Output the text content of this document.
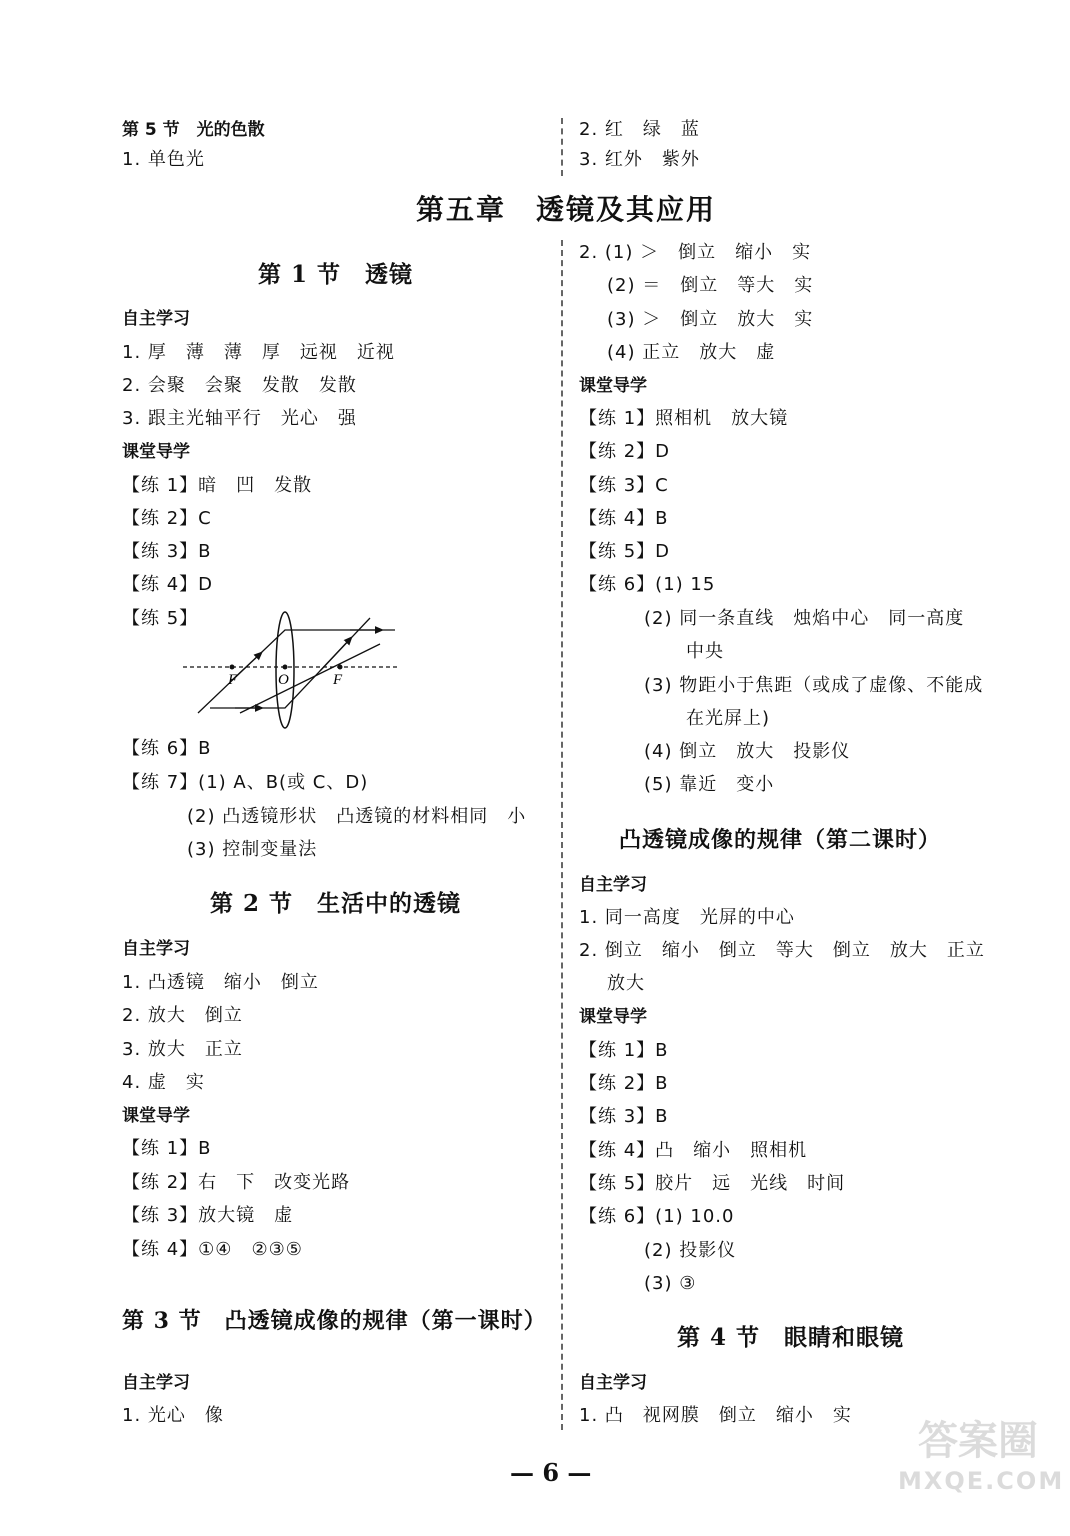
第 5 节　光的色散
1. 单色光
2. 红　绿　蓝
3. 红外　紫外
第五章　透镜及其应用
第 1 节　透镜
自主学习
1. 厚　薄　薄　厚　远视　近视
2. 会聚　会聚　发散　发散
3. 跟主光轴平行　光心　强
课堂导学
【练 1】暗　凹　发散
【练 2】C
【练 3】B
【练 4】D
【练 5】
F	O	F
【练 6】B
【练 7】(1) A、B(或 C、D)
(2) 凸透镜形状　凸透镜的材料相同　小
(3) 控制变量法
第 2 节　生活中的透镜
自主学习
1. 凸透镜　缩小　倒立
2. 放大　倒立
3. 放大　正立
4. 虚　实
课堂导学
【练 1】B
【练 2】右　下　改变光路
【练 3】放大镜　虚
【练 4】①④　②③⑤
第 3 节　凸透镜成像的规律（第一课时）
自主学习
1. 光心　像
2. (1) ＞　倒立　缩小　实
(2) ＝　倒立　等大　实
(3) ＞　倒立　放大　实
(4) 正立　放大　虚
课堂导学
【练 1】照相机　放大镜
【练 2】D
【练 3】C
【练 4】B
【练 5】D
【练 6】(1) 15
(2) 同一条直线　烛焰中心　同一高度
中央
(3) 物距小于焦距（或成了虚像、不能成
在光屏上)
(4) 倒立　放大　投影仪
(5) 靠近　变小
凸透镜成像的规律（第二课时）
自主学习
1. 同一高度　光屏的中心
2. 倒立　缩小　倒立　等大　倒立　放大　正立
放大
课堂导学
【练 1】B
【练 2】B
【练 3】B
【练 4】凸　缩小　照相机
【练 5】胶片　远　光线　时间
【练 6】(1) 10.0
(2) 投影仪
(3) ③
第 4 节　眼睛和眼镜
自主学习
1. 凸　视网膜　倒立　缩小　实
— 6 —
答案圈
MXQE.COM
